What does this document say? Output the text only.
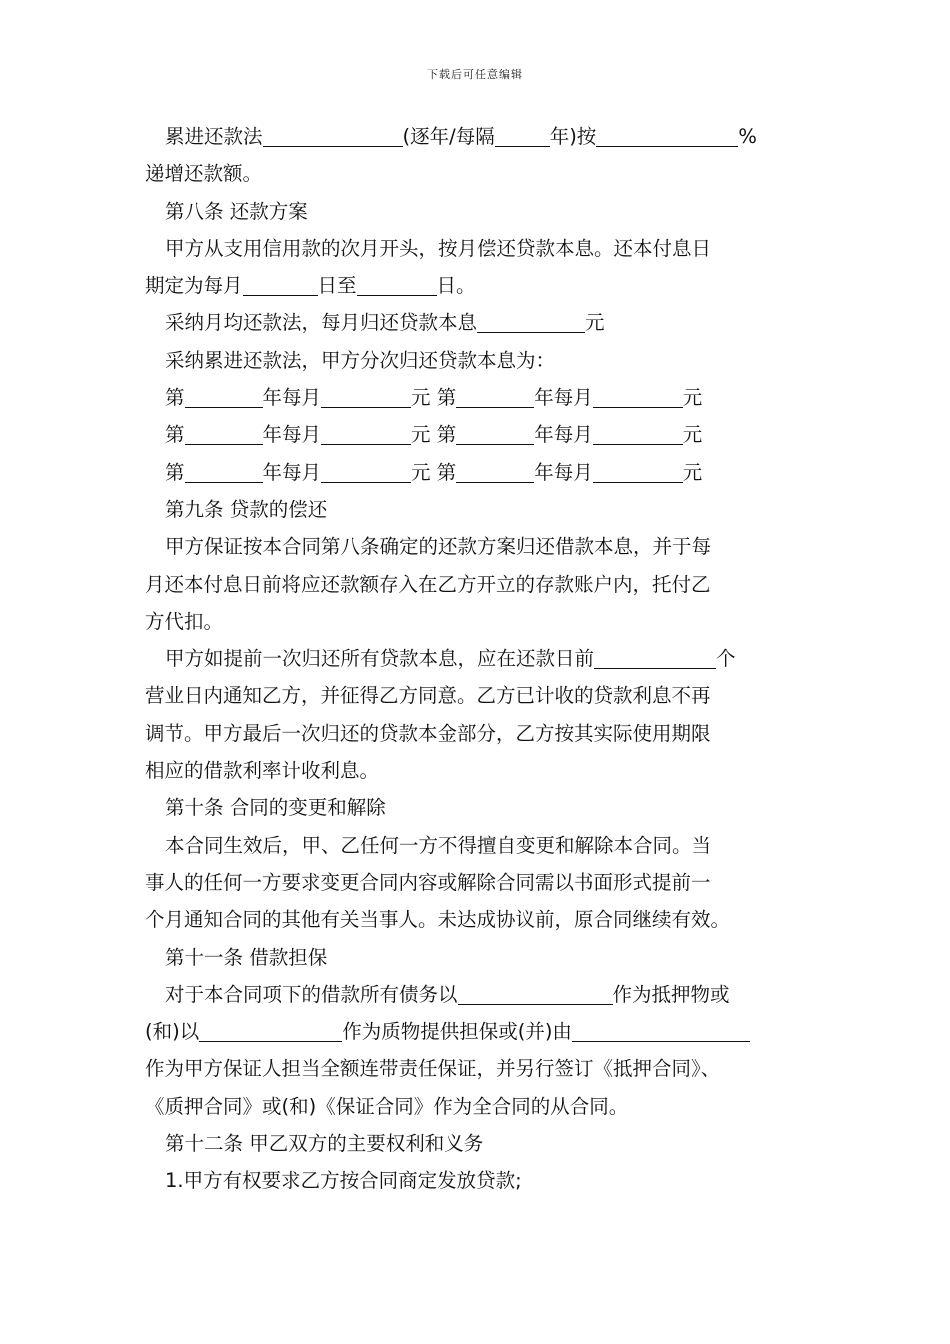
下载后可任意编辑
累进还款法	(逐年/每隔	年)按	%
递增还款额。
第八条 还款方案
甲方从支用信用款的次月开头，按月偿还贷款本息。还本付息日
期定为每月	日至	日。
采纳月均还款法，每月归还贷款本息	元
采纳累进还款法，甲方分次归还贷款本息为：
第	年每月	元 第	年每月	元
第	年每月	元 第	年每月	元
第	年每月	元 第	年每月	元
第九条 贷款的偿还
甲方保证按本合同第八条确定的还款方案归还借款本息，并于每
月还本付息日前将应还款额存入在乙方开立的存款账户内，托付乙
方代扣。
甲方如提前一次归还所有贷款本息，应在还款日前	个
营业日内通知乙方，并征得乙方同意。乙方已计收的贷款利息不再
调节。甲方最后一次归还的贷款本金部分，乙方按其实际使用期限
相应的借款利率计收利息。
第十条 合同的变更和解除
本合同生效后，甲、乙任何一方不得擅自变更和解除本合同。当
事人的任何一方要求变更合同内容或解除合同需以书面形式提前一
个月通知合同的其他有关当事人。未达成协议前，原合同继续有效。
第十一条 借款担保
对于本合同项下的借款所有债务以	作为抵押物或
(和)以	作为质物提供担保或(并)由
作为甲方保证人担当全额连带责任保证，并另行签订《抵押合同》、
《质押合同》或(和)《保证合同》作为全合同的从合同。
第十二条 甲乙双方的主要权利和义务
1.甲方有权要求乙方按合同商定发放贷款;
